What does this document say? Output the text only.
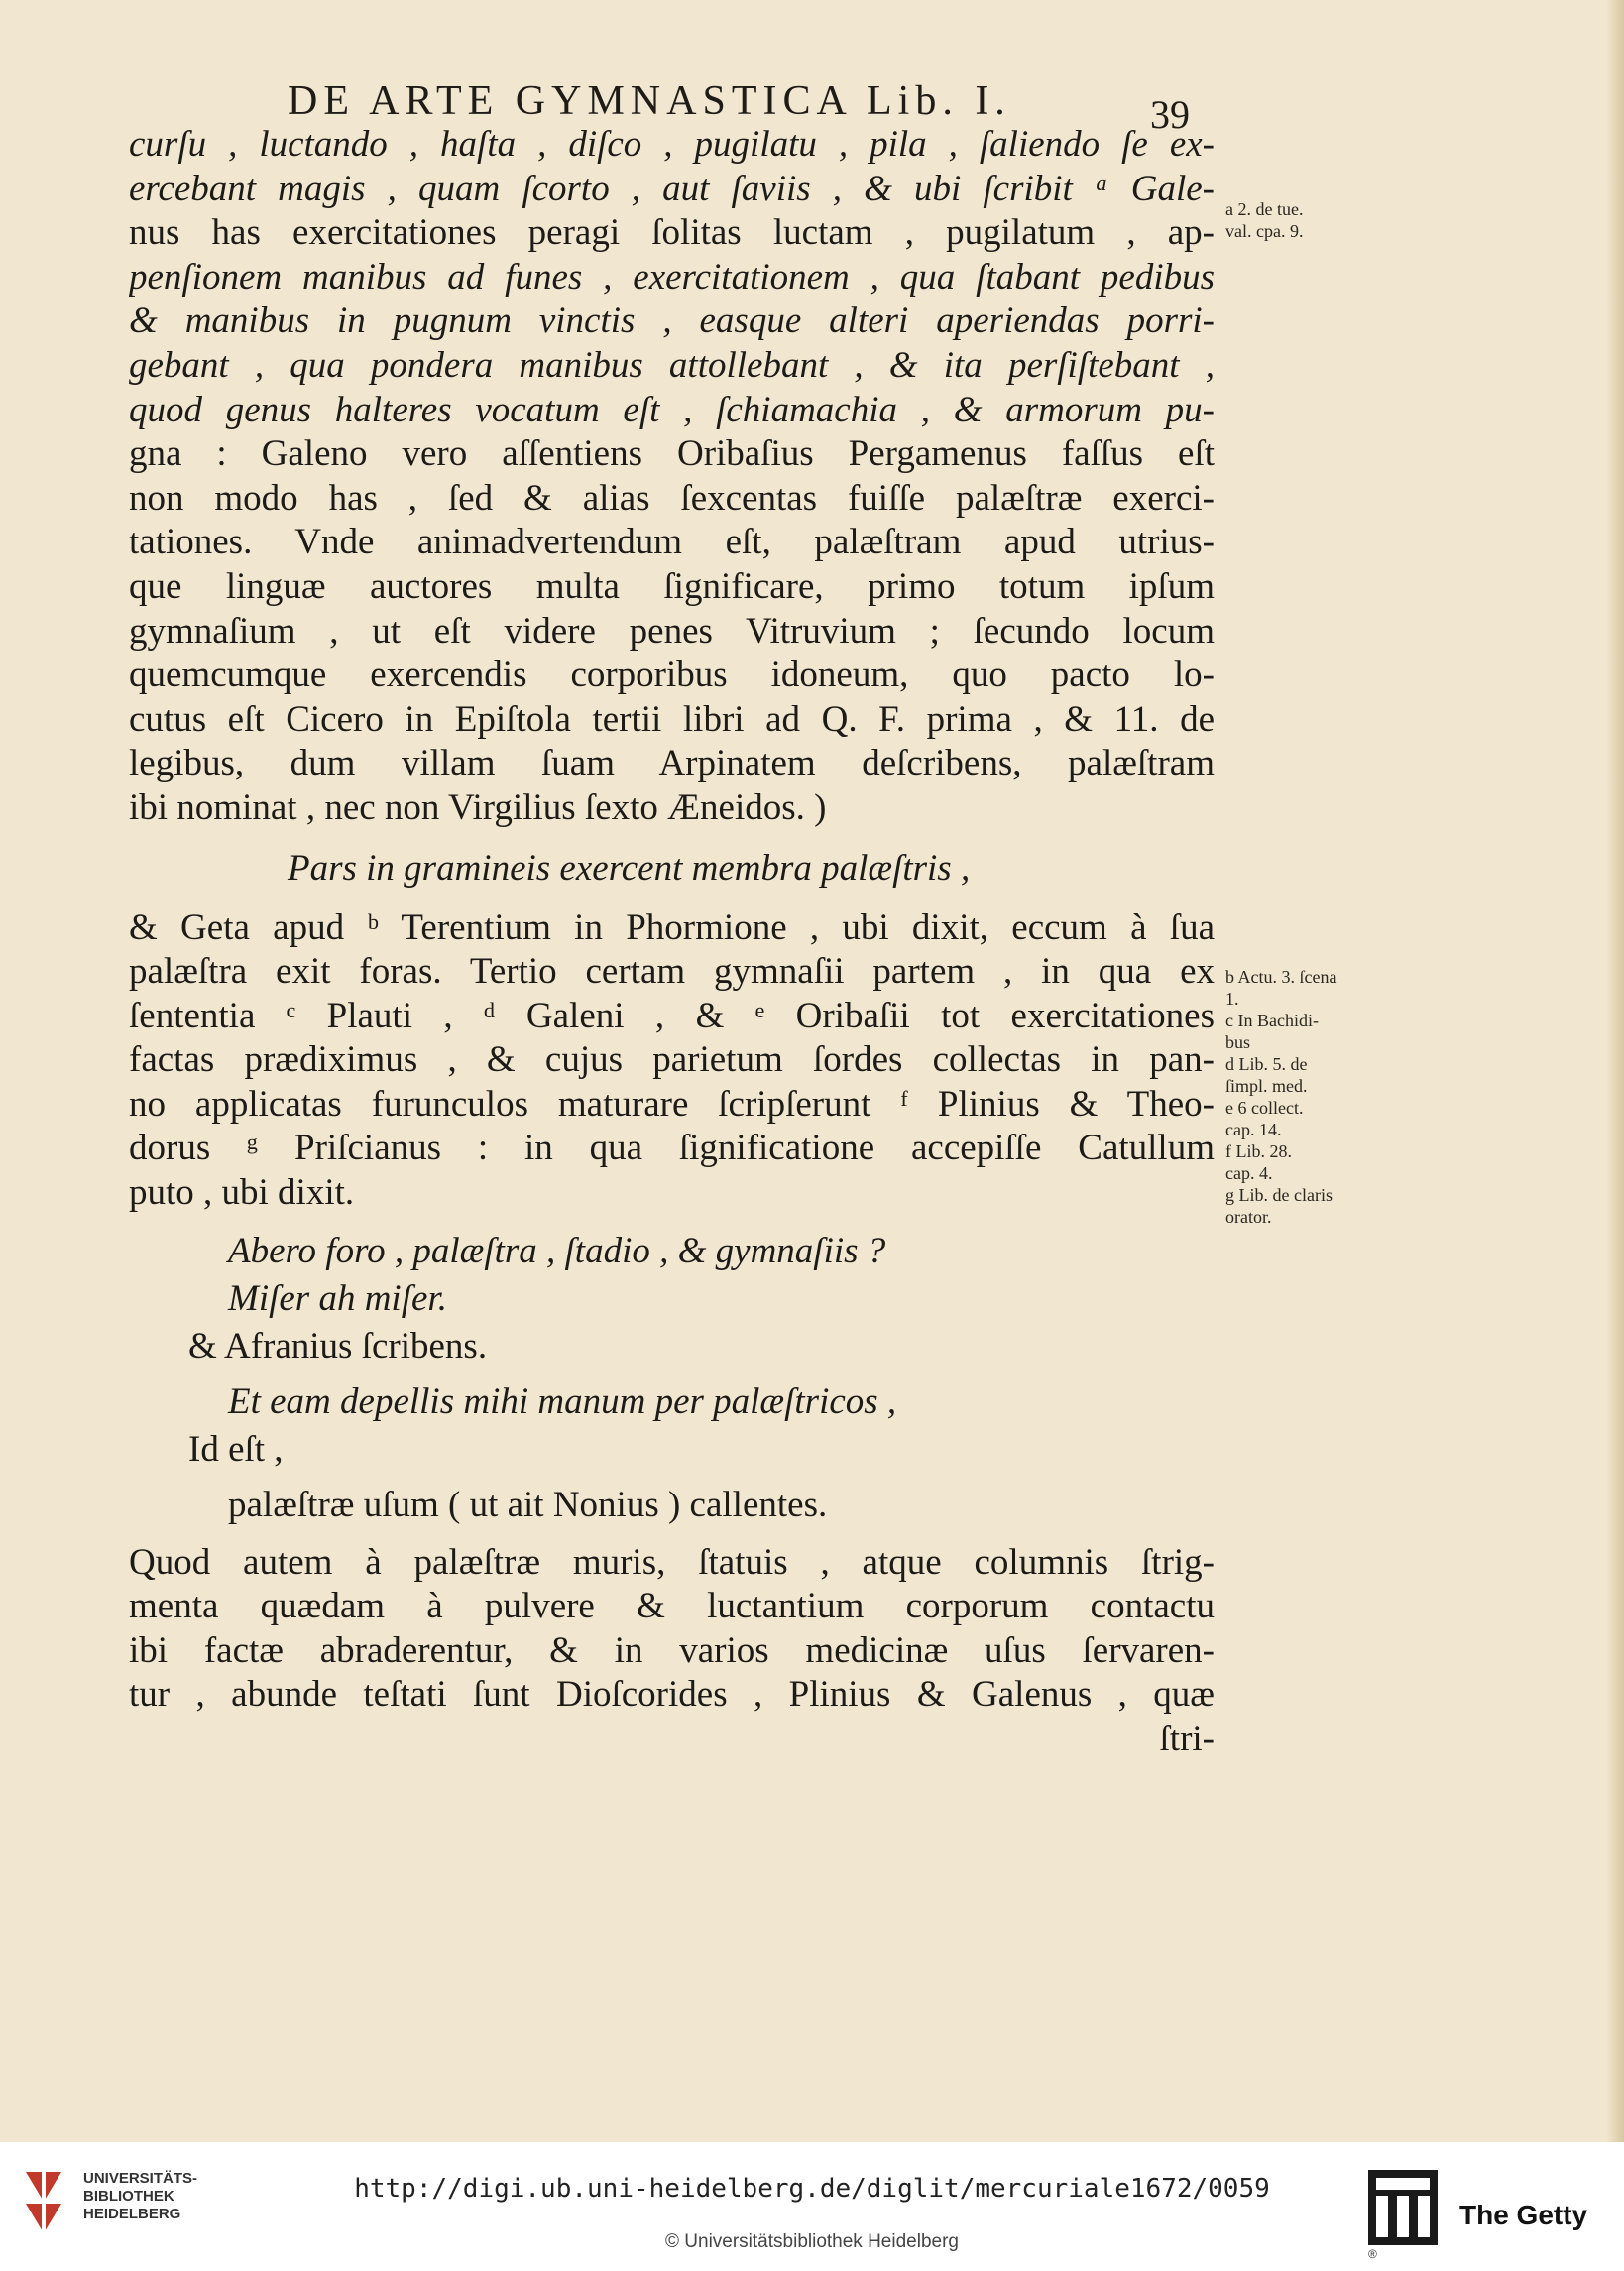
DE ARTE GYMNASTICA Lib. I.	39
curſu , luctando , haſta , diſco , pugilatu , pila , ſaliendo ſe ex-
ercebant magis , quam ſcorto , aut ſaviis , & ubi ſcribit ᵃ Gale-
nus has exercitationes peragi ſolitas luctam , pugilatum , ap-
penſionem manibus ad funes , exercitationem , qua ſtabant pedibus
& manibus in pugnum vinctis , easque alteri aperiendas porri-
gebant , qua pondera manibus attollebant , & ita perſiſtebant ,
quod genus halteres vocatum eſt , ſchiamachia , & armorum pu-
gna : Galeno vero aſſentiens Oribaſius Pergamenus faſſus eſt
non modo has , ſed & alias ſexcentas fuiſſe palæſtræ exerci-
tationes. Vnde animadvertendum eſt, palæſtram apud utrius-
que linguæ auctores multa ſignificare, primo totum ipſum
gymnaſium , ut eſt videre penes Vitruvium ; ſecundo locum
quemcumque exercendis corporibus idoneum, quo pacto lo-
cutus eſt Cicero in Epiſtola tertii libri ad Q. F. prima , & 11. de
legibus, dum villam ſuam Arpinatem deſcribens, palæſtram
ibi nominat , nec non Virgilius ſexto Æneidos. )
Pars in gramineis exercent membra palæſtris ,
& Geta apud ᵇ Terentium in Phormione , ubi dixit, eccum à ſua
palæſtra exit foras. Tertio certam gymnaſii partem , in qua ex
ſententia ᶜ Plauti , ᵈ Galeni , & ᵉ Oribaſii tot exercitationes
factas prædiximus , & cujus parietum ſordes collectas in pan-
no applicatas furunculos maturare ſcripſerunt ᶠ Plinius & Theo-
dorus ᵍ Priſcianus : in qua ſignificatione accepiſſe Catullum
puto , ubi dixit.
Abero foro , palæſtra , ſtadio , & gymnaſiis ?
Miſer ah miſer.
& Afranius ſcribens.
Et eam depellis mihi manum per palæſtricos ,
Id eſt ,
palæſtræ uſum ( ut ait Nonius ) callentes.
Quod autem à palæſtræ muris, ſtatuis , atque columnis ſtrig-
menta quædam à pulvere & luctantium corporum contactu
ibi factæ abraderentur, & in varios medicinæ uſus ſervaren-
tur , abunde teſtati ſunt Dioſcorides , Plinius & Galenus , quæ
ſtri-
a 2. de tue.
val. cpa. 9.
b Actu. 3. ſcena
1.
c In Bachidi-
bus
d Lib. 5. de
ſimpl. med.
e 6 collect.
cap. 14.
f Lib. 28.
cap. 4.
g Lib. de claris
orator.
UNIVERSITÄTS-
BIBLIOTHEK
HEIDELBERG
http://digi.ub.uni-heidelberg.de/diglit/mercuriale1672/0059
© Universitätsbibliothek Heidelberg
®
The Getty
